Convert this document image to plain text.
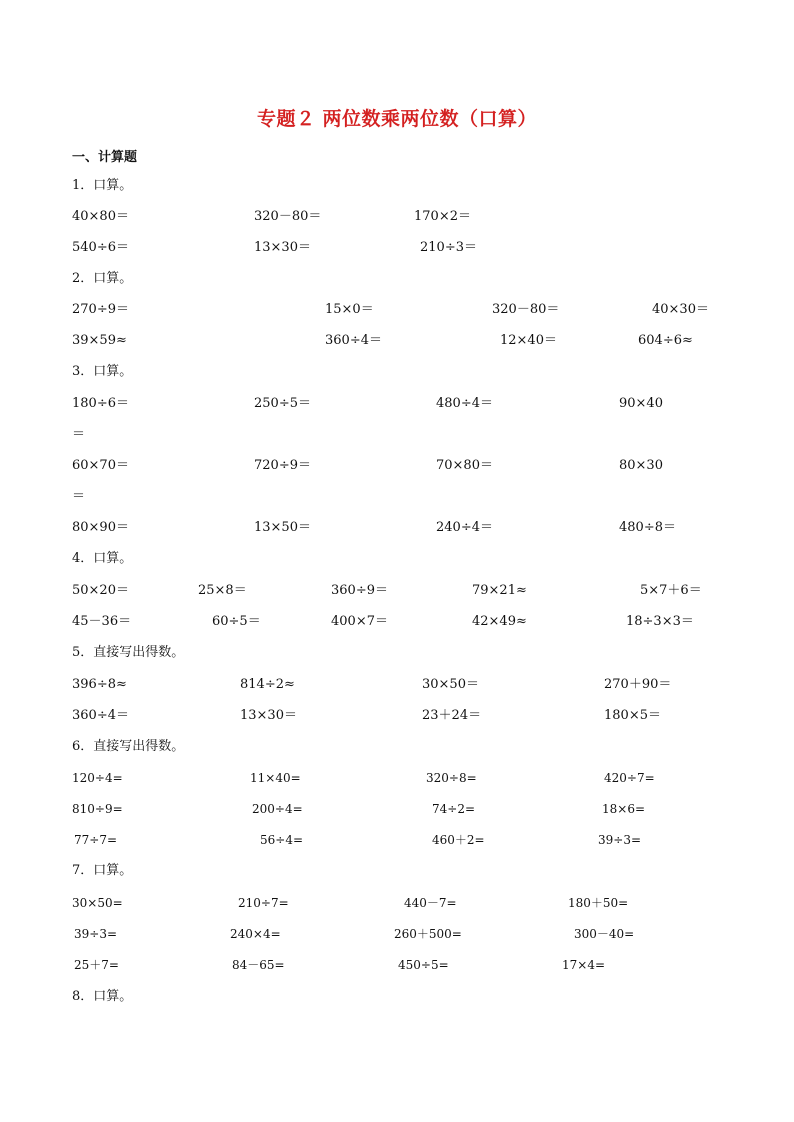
专题２ 两位数乘两位数（口算）
一、计算题
1．口算。
40×80＝	320－80＝	170×2＝
540÷6＝	13×30＝	210÷3＝
2．口算。
270÷9＝	15×0＝	320－80＝	40×30＝
39×59≈	360÷4＝	12×40＝	604÷6≈
3．口算。
180÷6＝	250÷5＝	480÷4＝	90×40
＝
60×70＝	720÷9＝	70×80＝	80×30
＝
80×90＝	13×50＝	240÷4＝	480÷8＝
4．口算。
50×20＝	25×8＝	360÷9＝	79×21≈	5×7＋6＝
45－36＝	60÷5＝	400×7＝	42×49≈	18÷3×3＝
5．直接写出得数。
396÷8≈	814÷2≈	30×50＝	270＋90＝
360÷4＝	13×30＝	23＋24＝	180×5＝
6．直接写出得数。
120÷4=	11×40=	320÷8=	420÷7=
810÷9=	200÷4=	74÷2=	18×6=
77÷7=	56÷4=	460＋2=	39÷3=
7．口算。
30×50=	210÷7=	440－7=	180＋50=
39÷3=	240×4=	260＋500=	300－40=
25＋7=	84－65=	450÷5=	17×4=
8．口算。
